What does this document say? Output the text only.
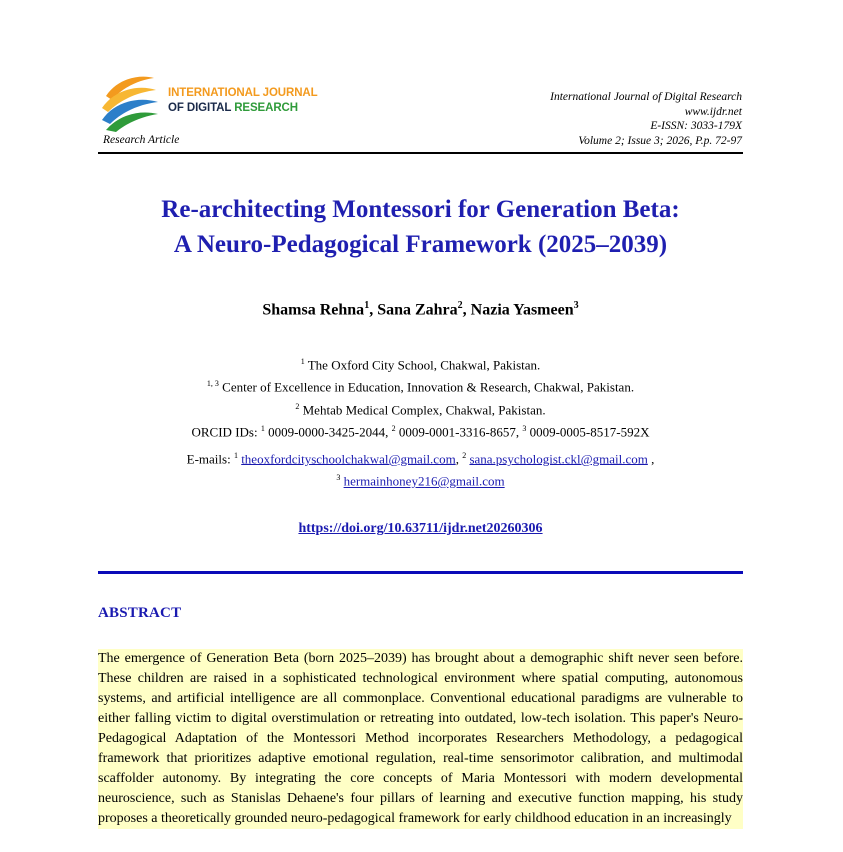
INTERNATIONAL JOURNAL
OF DIGITAL RESEARCH
International Journal of Digital Research
www.ijdr.net
E-ISSN: 3033-179X
Volume 2; Issue 3; 2026, P.p. 72-97
Research Article
Re-architecting Montessori for Generation Beta:
A Neuro-Pedagogical Framework (2025–2039)
Shamsa Rehna$^1$, Sana Zahra$^2$, Nazia Yasmeen$^3$
$^1$ The Oxford City School, Chakwal, Pakistan.
$^{1, 3}$ Center of Excellence in Education, Innovation & Research, Chakwal, Pakistan.
$^2$ Mehtab Medical Complex, Chakwal, Pakistan.
ORCID IDs: $^1$ 0009-0000-3425-2044, $^2$ 0009-0001-3316-8657, $^3$ 0009-0005-8517-592X
E-mails: $^1$ theoxfordcityschoolchakwal@gmail.com, $^2$ sana.psychologist.ckl@gmail.com ,
$^3$ hermainhoney216@gmail.com
https://doi.org/10.63711/ijdr.net20260306
ABSTRACT

The emergence of Generation Beta (born 2025–2039) has brought about a demographic shift never seen before. These children are raised in a sophisticated technological environment where spatial computing, autonomous systems, and artificial intelligence are all commonplace. Conventional educational paradigms are vulnerable to either falling victim to digital overstimulation or retreating into outdated, low-tech isolation. This paper's Neuro-Pedagogical Adaptation of the Montessori Method incorporates Researchers Methodology, a pedagogical framework that prioritizes adaptive emotional regulation, real-time sensorimotor calibration, and multimodal scaffolder autonomy. By integrating the core concepts of Maria Montessori with modern developmental neuroscience, such as Stanislas Dehaene's four pillars of learning and executive function mapping, his study proposes a theoretically grounded neuro-pedagogical framework for early childhood education in an increasingly
